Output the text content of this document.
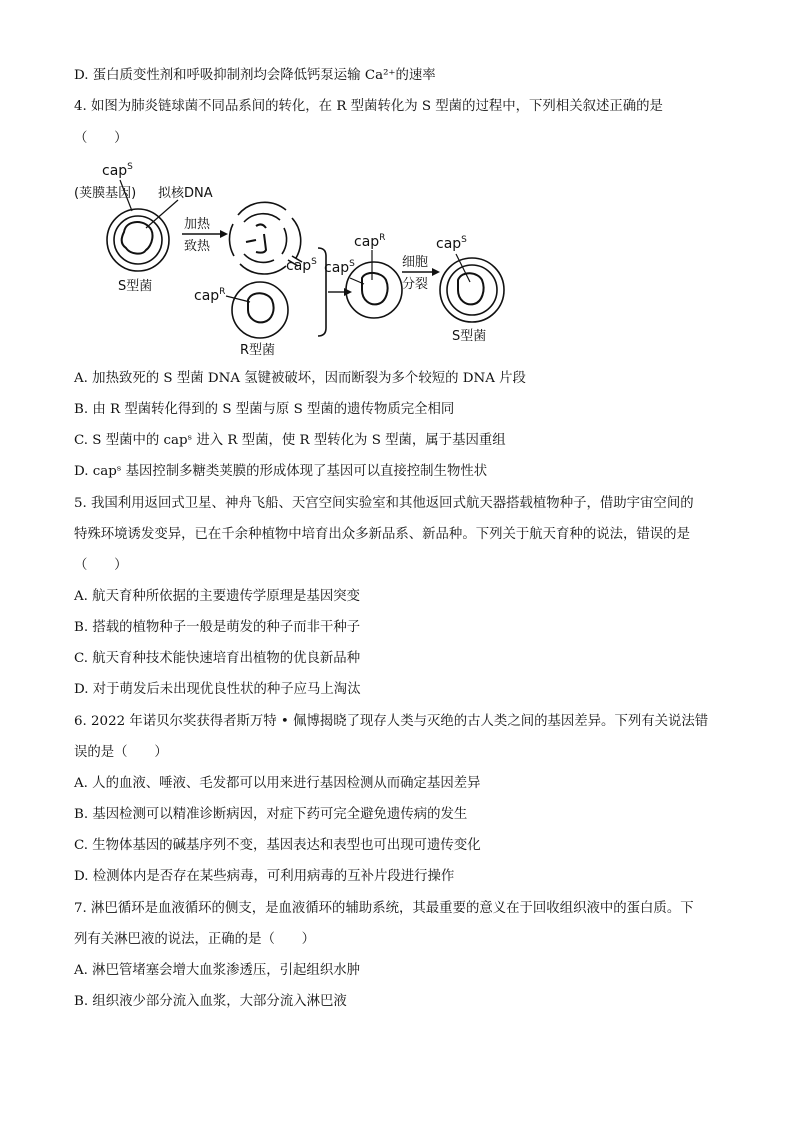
D. 蛋白质变性剂和呼吸抑制剂均会降低钙泵运输 Ca²⁺的速率
4. 如图为肺炎链球菌不同品系间的转化，在 R 型菌转化为 S 型菌的过程中，下列相关叙述正确的是
（　　）
cap$^S$
(荚膜基因) 拟核DNA
S型菌
加热
致热
cap$^S$
cap$^R$
R型菌
cap$^R$
cap$^S$	细胞
分裂
cap$^S$
S型菌
A. 加热致死的 S 型菌 DNA 氢键被破坏，因而断裂为多个较短的 DNA 片段
B. 由 R 型菌转化得到的 S 型菌与原 S 型菌的遗传物质完全相同
C. S 型菌中的 capˢ 进入 R 型菌，使 R 型转化为 S 型菌，属于基因重组
D. capˢ 基因控制多糖类荚膜的形成体现了基因可以直接控制生物性状
5. 我国利用返回式卫星、神舟飞船、天宫空间实验室和其他返回式航天器搭载植物种子，借助宇宙空间的
特殊环境诱发变异，已在千余种植物中培育出众多新品系、新品种。下列关于航天育种的说法，错误的是
（　　）
A. 航天育种所依据的主要遗传学原理是基因突变
B. 搭载的植物种子一般是萌发的种子而非干种子
C. 航天育种技术能快速培育出植物的优良新品种
D. 对于萌发后未出现优良性状的种子应马上淘汰
6. 2022 年诺贝尔奖获得者斯万特 • 佩博揭晓了现存人类与灭绝的古人类之间的基因差异。下列有关说法错
误的是（　　）
A. 人的血液、唾液、毛发都可以用来进行基因检测从而确定基因差异
B. 基因检测可以精准诊断病因，对症下药可完全避免遗传病的发生
C. 生物体基因的碱基序列不变，基因表达和表型也可出现可遗传变化
D. 检测体内是否存在某些病毒，可利用病毒的互补片段进行操作
7. 淋巴循环是血液循环的侧支，是血液循环的辅助系统，其最重要的意义在于回收组织液中的蛋白质。下
列有关淋巴液的说法，正确的是（　　）
A. 淋巴管堵塞会增大血浆渗透压，引起组织水肿
B. 组织液少部分流入血浆，大部分流入淋巴液
